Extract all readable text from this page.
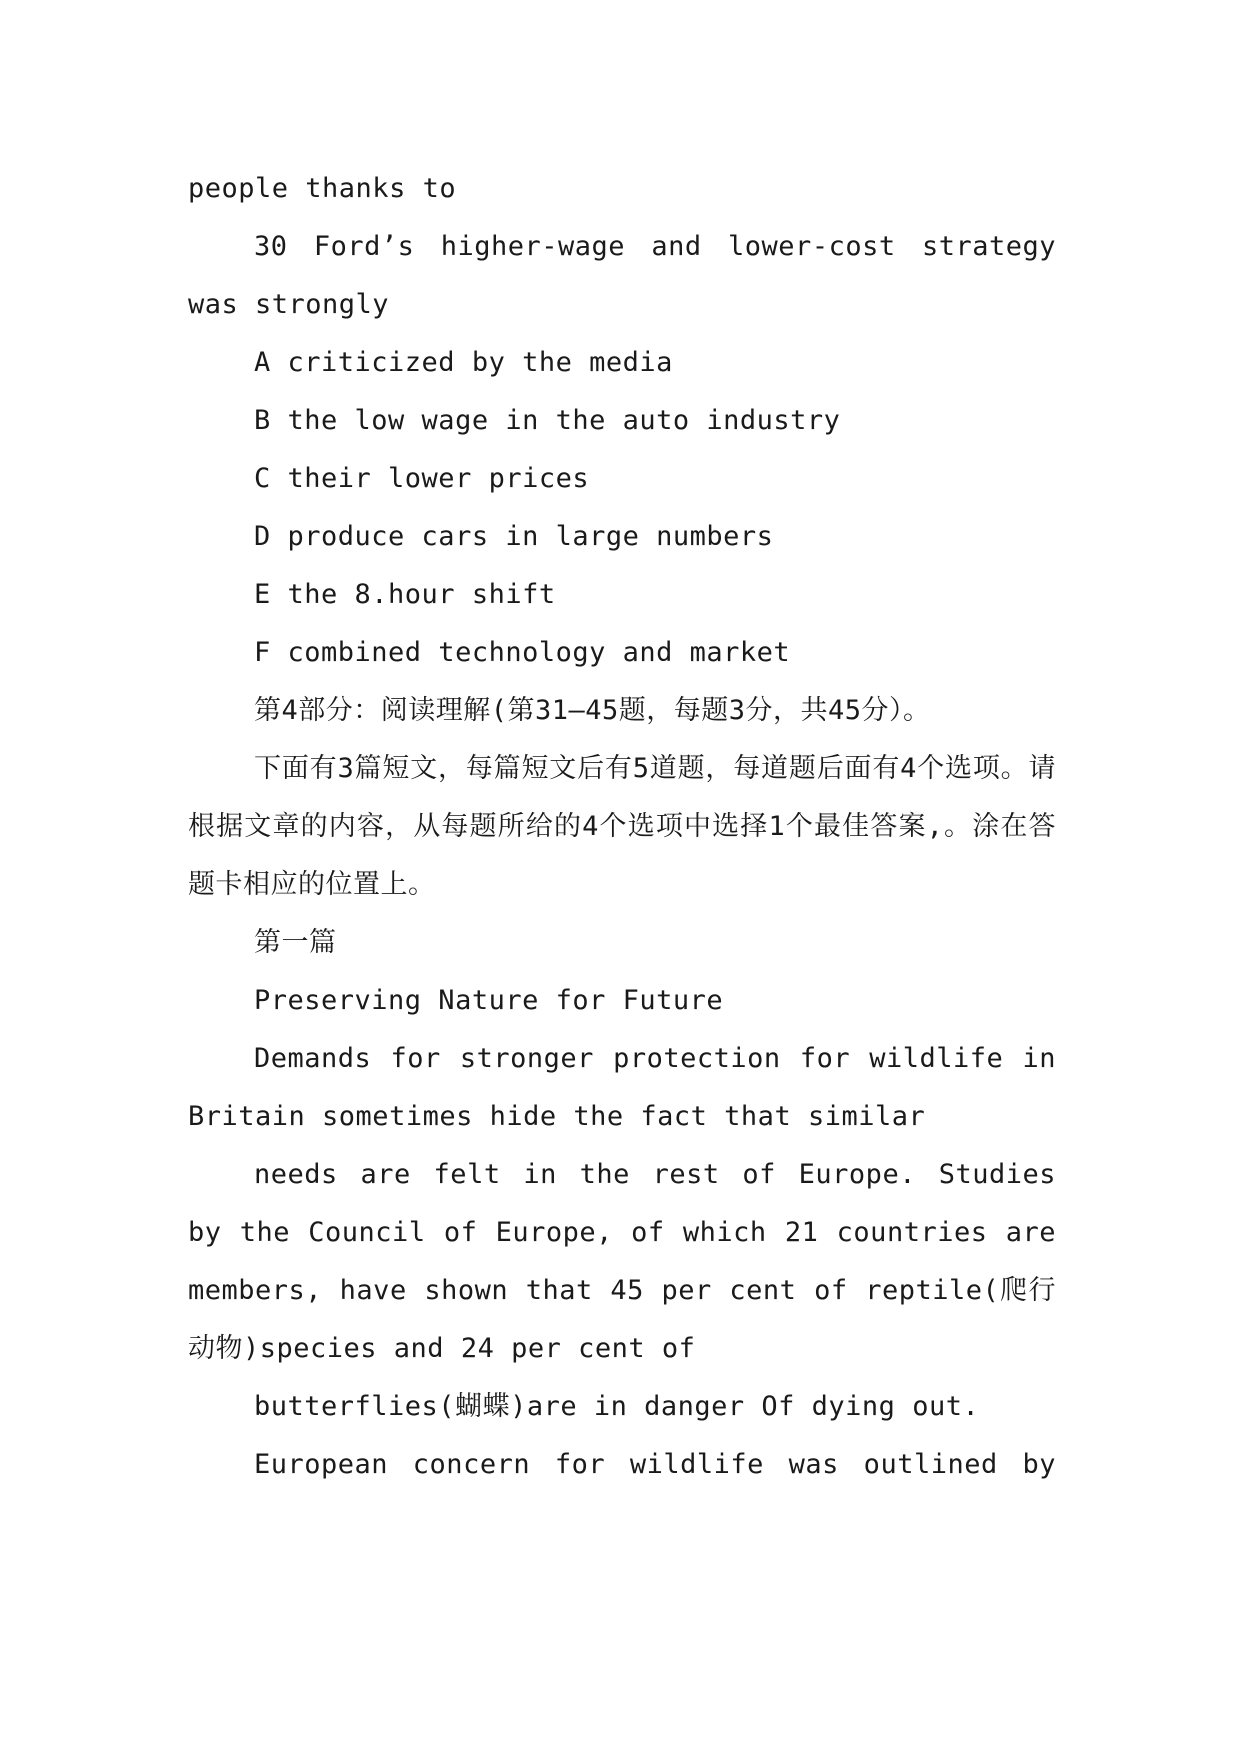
people thanks to

30 Ford’s higher-wage and lower-cost strategy was strongly

A criticized by the media

B the low wage in the auto industry

C their lower prices

D produce cars in large numbers

E the 8.hour shift

F combined technology and market

第4部分：阅读理解(第31—45题，每题3分，共45分）。

下面有3篇短文，每篇短文后有5道题，每道题后面有4个选项。请根据文章的内容，从每题所给的4个选项中选择1个最佳答案,。涂在答题卡相应的位置上。

第一篇

Preserving Nature for Future

Demands for stronger protection for wildlife in Britain sometimes hide the fact that similar

needs are felt in the rest of Europe. Studies by the Council of Europe, of which 21 countries are members, have shown that 45 per cent of reptile(爬行动物)species and 24 per cent of

butterflies(蝴蝶)are in danger Of dying out.

European concern for wildlife was outlined by
